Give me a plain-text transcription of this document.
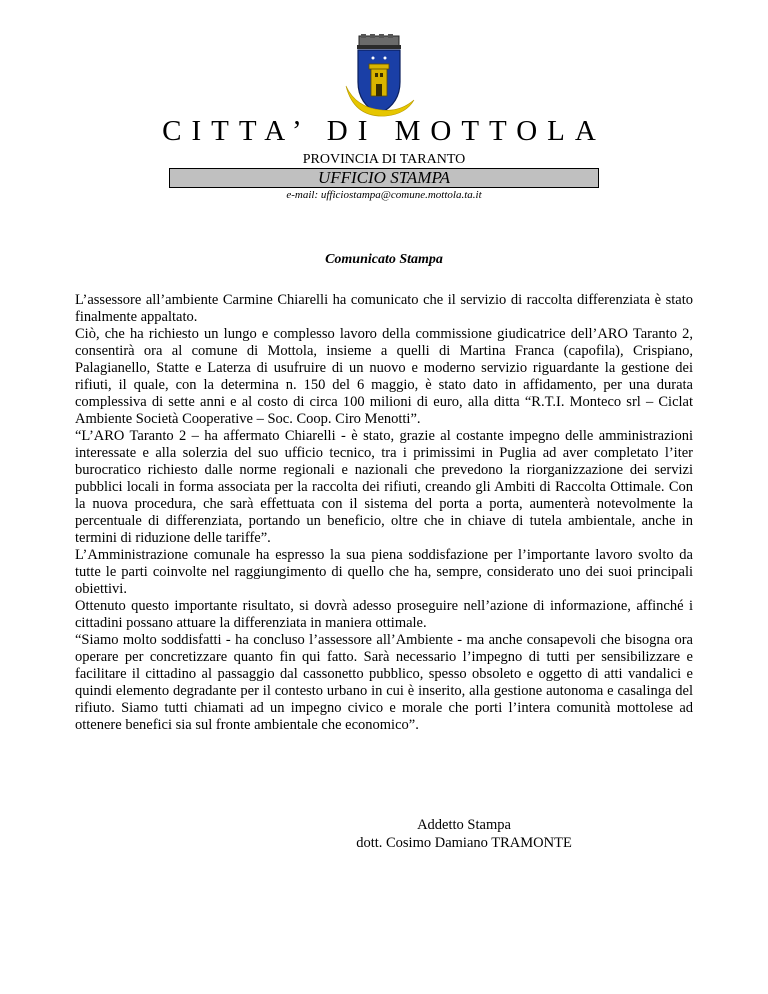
CITTA’ DI MOTTOLA
PROVINCIA DI TARANTO
UFFICIO STAMPA
e-mail: ufficiostampa@comune.mottola.ta.it
Comunicato Stampa

L’assessore all’ambiente Carmine Chiarelli ha comunicato che il servizio di raccolta differenziata è stato finalmente appaltato.

Ciò, che ha richiesto un lungo e complesso lavoro della commissione giudicatrice dell’ARO Taranto 2, consentirà ora al comune di Mottola, insieme a quelli di Martina Franca (capofila), Crispiano, Palagianello, Statte e Laterza di usufruire di un nuovo e moderno servizio riguardante la gestione dei rifiuti, il quale, con la determina n. 150 del 6 maggio, è stato dato in affidamento, per una durata complessiva di sette anni e al costo di circa 100 milioni di euro, alla ditta “R.T.I. Monteco srl – Ciclat Ambiente Società Cooperative – Soc. Coop. Ciro Menotti”.

“L’ARO Taranto 2 – ha affermato Chiarelli - è stato, grazie al costante impegno delle amministrazioni interessate e alla solerzia del suo ufficio tecnico, tra i primissimi in Puglia ad aver completato l’iter burocratico richiesto dalle norme regionali e nazionali che prevedono la riorganizzazione dei servizi pubblici locali in forma associata per la raccolta dei rifiuti, creando gli Ambiti di Raccolta Ottimale. Con la nuova procedura, che sarà effettuata con il sistema del porta a porta, aumenterà notevolmente la percentuale di differenziata, portando un beneficio, oltre che in chiave di tutela ambientale, anche in termini di riduzione delle tariffe”.

L’Amministrazione comunale ha espresso la sua piena soddisfazione per l’importante lavoro svolto da tutte le parti coinvolte nel raggiungimento di quello che ha, sempre, considerato uno dei suoi principali obiettivi.

Ottenuto questo importante risultato, si dovrà adesso proseguire nell’azione di informazione, affinché i cittadini possano attuare la differenziata in maniera ottimale.

“Siamo molto soddisfatti - ha concluso l’assessore all’Ambiente - ma anche consapevoli che bisogna ora operare per concretizzare quanto fin qui fatto. Sarà necessario l’impegno di tutti per sensibilizzare e facilitare il cittadino al passaggio dal cassonetto pubblico, spesso obsoleto e oggetto di atti vandalici e quindi elemento degradante per il contesto urbano in cui è inserito, alla gestione autonoma e casalinga del rifiuto. Siamo tutti chiamati ad un impegno civico e morale che porti l’intera comunità mottolese ad ottenere benefici sia sul fronte ambientale che economico”.

Addetto Stampa
dott. Cosimo Damiano TRAMONTE
